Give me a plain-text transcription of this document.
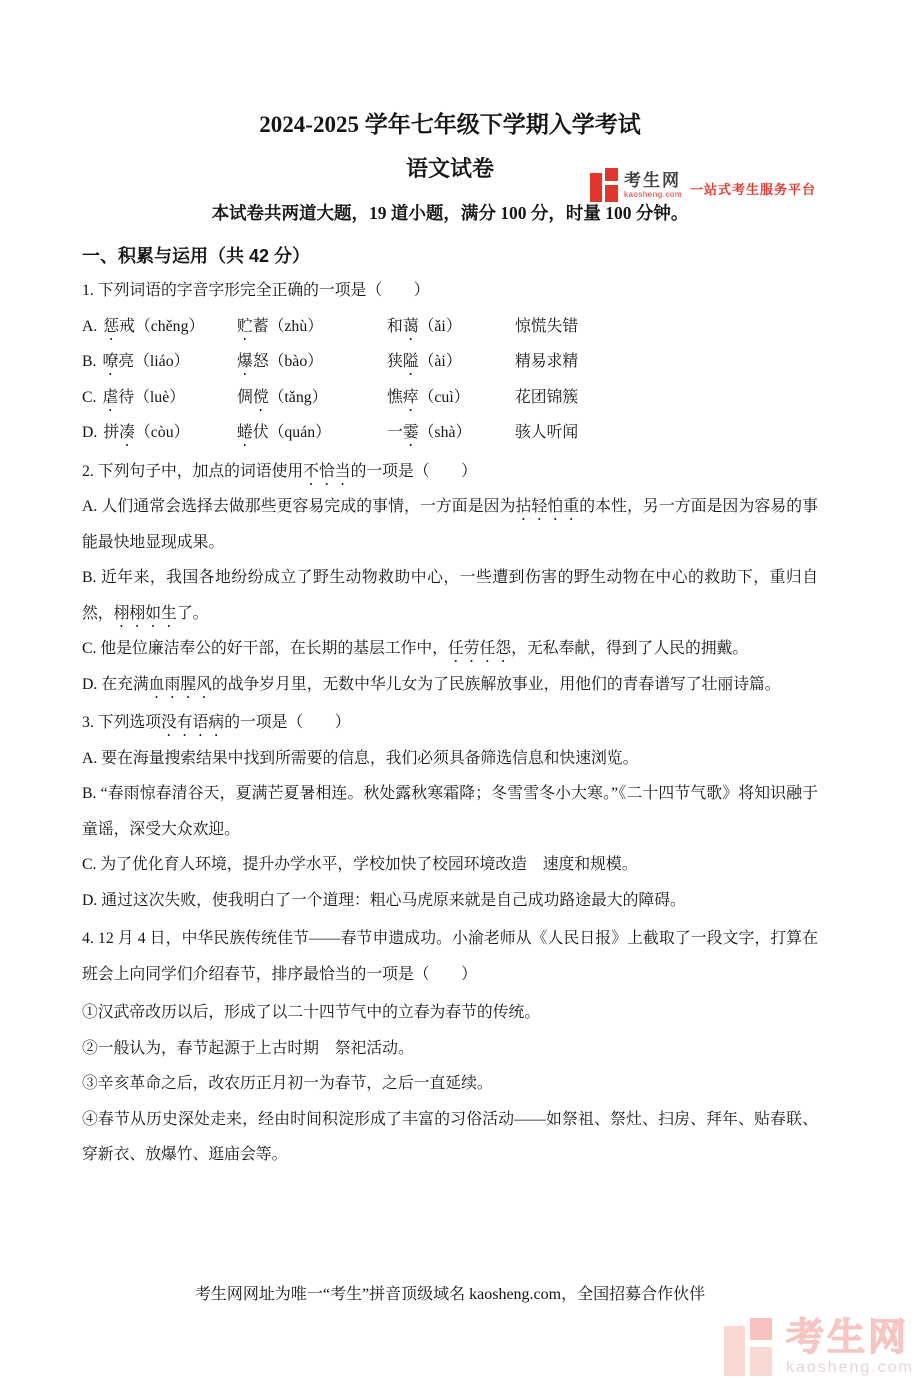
考生网
kaosheng.com 一站式考生服务平台
2024-2025 学年七年级下学期入学考试
语文试卷

本试卷共两道大题，19 道小题，满分 100 分，时量 100 分钟。

一、积累与运用（共 42 分）

1. 下列词语的字音字形完全正确的一项是（　　）

A. 惩戒（chěng）	贮蓄（zhù）	和蔼（ǎi）	惊慌失错
B. 嘹亮（liáo）	爆怒（bào）	狭隘（ài）	精易求精
C. 虐待（luè）	倜傥（tǎng）	憔瘁（cuì）	花团锦簇
D. 拼凑（còu）	蜷伏（quán）	一霎（shà）	骇人听闻

2. 下列句子中，加点的词语使用不恰当的一项是（　　）

A. 人们通常会选择去做那些更容易完成的事情，一方面是因为拈轻怕重的本性，另一方面是因为容易的事能最快地显现成果。

B. 近年来，我国各地纷纷成立了野生动物救助中心，一些遭到伤害的野生动物在中心的救助下，重归自然，栩栩如生了。

C. 他是位廉洁奉公的好干部，在长期的基层工作中，任劳任怨，无私奉献，得到了人民的拥戴。

D. 在充满血雨腥风的战争岁月里，无数中华儿女为了民族解放事业，用他们的青春谱写了壮丽诗篇。

3. 下列选项没有语病的一项是（　　）

A. 要在海量搜索结果中找到所需要的信息，我们必须具备筛选信息和快速浏览。

B. “春雨惊春清谷天，夏满芒夏暑相连。秋处露秋寒霜降；冬雪雪冬小大寒。”《二十四节气歌》将知识融于童谣，深受大众欢迎。

C. 为了优化育人环境，提升办学水平，学校加快了校园环境改造　速度和规模。

D. 通过这次失败，使我明白了一个道理：粗心马虎原来就是自己成功路途最大的障碍。

4. 12 月 4 日，中华民族传统佳节——春节申遗成功。小渝老师从《人民日报》上截取了一段文字，打算在班会上向同学们介绍春节，排序最恰当的一项是（　　）

①汉武帝改历以后，形成了以二十四节气中的立春为春节的传统。

②一般认为，春节起源于上古时期　祭祀活动。

③辛亥革命之后，改农历正月初一为春节，之后一直延续。

④春节从历史深处走来，经由时间积淀形成了丰富的习俗活动——如祭祖、祭灶、扫房、拜年、贴春联、穿新衣、放爆竹、逛庙会等。

考生网网址为唯一“考生”拼音顶级域名 kaosheng.com，全国招募合作伙伴

考生网
kaosheng.com
